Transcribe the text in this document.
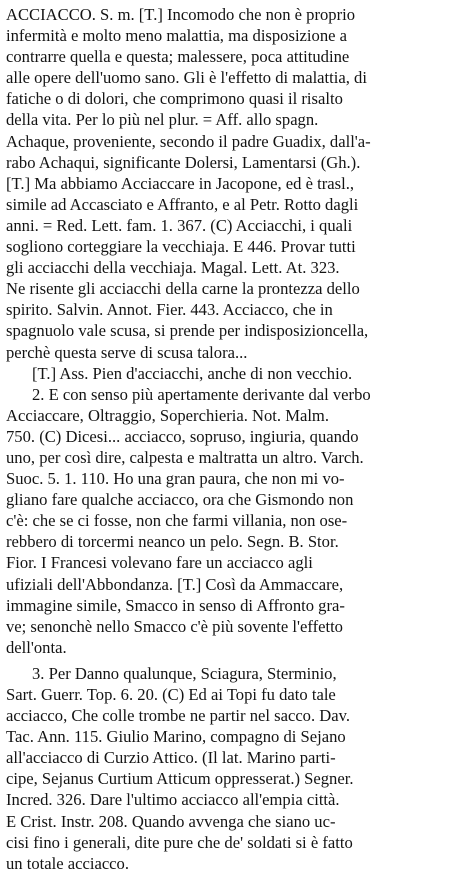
ACCIACCO. S. m. [T.] Incomodo che non è proprio
infermità e molto meno malattia, ma disposizione a
contrarre quella e questa; malessere, poca attitudine
alle opere dell'uomo sano. Gli è l'effetto di malattia, di
fatiche o di dolori, che comprimono quasi il risalto
della vita. Per lo più nel plur. = Aff. allo spagn.
Achaque, proveniente, secondo il padre Guadix, dall'a-
rabo Achaqui, significante Dolersi, Lamentarsi (Gh.).
[T.] Ma abbiamo Acciaccare in Jacopone, ed è trasl.,
simile ad Accasciato e Affranto, e al Petr. Rotto dagli
anni. = Red. Lett. fam. 1. 367. (C) Acciacchi, i quali
sogliono corteggiare la vecchiaja. E 446. Provar tutti
gli acciacchi della vecchiaja. Magal. Lett. At. 323.
Ne risente gli acciacchi della carne la prontezza dello
spirito. Salvin. Annot. Fier. 443. Acciacco, che in
spagnuolo vale scusa, si prende per indisposizioncella,
perchè questa serve di scusa talora...
[T.] Ass. Pien d'acciacchi, anche di non vecchio.
2. E con senso più apertamente derivante dal verbo
Acciaccare, Oltraggio, Soperchieria. Not. Malm.
750. (C) Dicesi... acciacco, sopruso, ingiuria, quando
uno, per così dire, calpesta e maltratta un altro. Varch.
Suoc. 5. 1. 110. Ho una gran paura, che non mi vo-
gliano fare qualche acciacco, ora che Gismondo non
c'è: che se ci fosse, non che farmi villania, non ose-
rebbero di torcermi neanco un pelo. Segn. B. Stor.
Fior. I Francesi volevano fare un acciacco agli
ufiziali dell'Abbondanza. [T.] Così da Ammaccare,
immagine simile, Smacco in senso di Affronto gra-
ve; senonchè nello Smacco c'è più sovente l'effetto
dell'onta.
3. Per Danno qualunque, Sciagura, Sterminio,
Sart. Guerr. Top. 6. 20. (C) Ed ai Topi fu dato tale
acciacco, Che colle trombe ne partir nel sacco. Dav.
Tac. Ann. 115. Giulio Marino, compagno di Sejano
all'acciacco di Curzio Attico. (Il lat. Marino parti-
cipe, Sejanus Curtium Atticum oppresserat.) Segner.
Incred. 326. Dare l'ultimo acciacco all'empia città.
E Crist. Instr. 208. Quando avvenga che siano uc-
cisi fino i generali, dite pure che de' soldati si è fatto
un totale acciacco.
